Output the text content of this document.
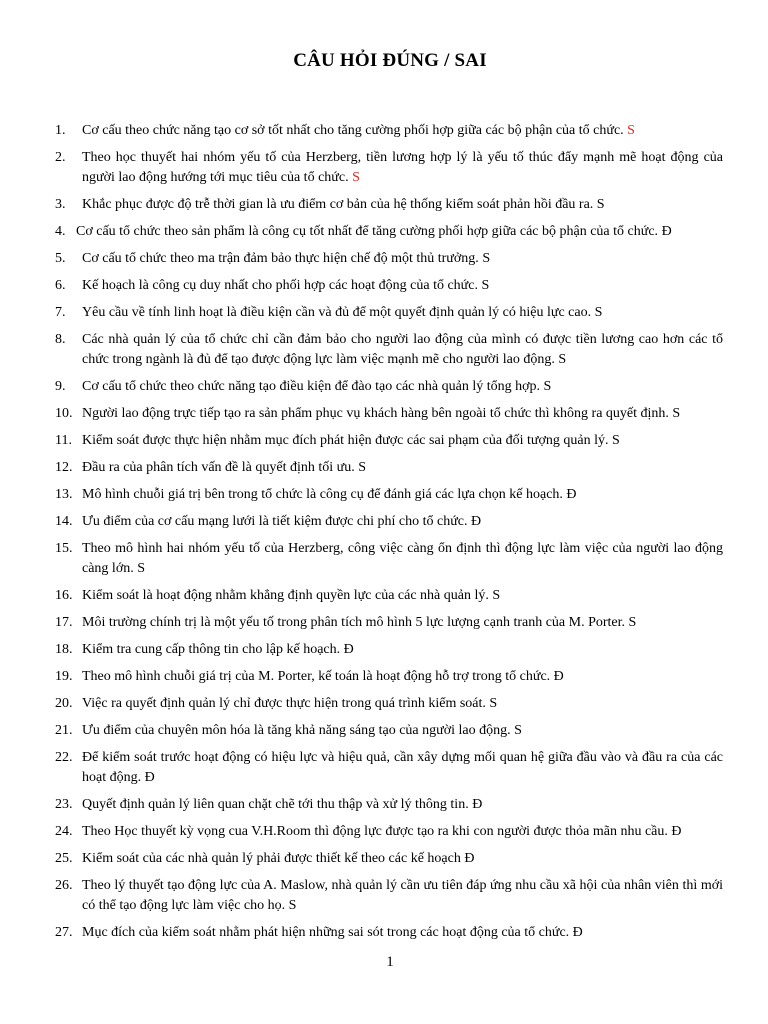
CÂU HỎI ĐÚNG / SAI
1. Cơ cấu theo chức năng tạo cơ sở tốt nhất cho tăng cường phối hợp giữa các bộ phận của tổ chức. S
2. Theo học thuyết hai nhóm yếu tố của Herzberg, tiền lương hợp lý là yếu tố thúc đẩy mạnh mẽ hoạt động của người lao động hướng tới mục tiêu của tổ chức. S
3. Khắc phục được độ trễ thời gian là ưu điểm cơ bản của hệ thống kiểm soát phản hồi đầu ra. S
4. Cơ cấu tổ chức theo sản phẩm là công cụ tốt nhất để tăng cường phối hợp giữa các bộ phận của tổ chức. Đ
5. Cơ cấu tổ chức theo ma trận đảm bảo thực hiện chế độ một thủ trưởng. S
6. Kế hoạch là công cụ duy nhất cho phối hợp các hoạt động của tổ chức. S
7. Yêu cầu về tính linh hoạt là điều kiện cần và đủ để một quyết định quản lý có hiệu lực cao. S
8. Các nhà quản lý của tổ chức chỉ cần đảm bảo cho người lao động của mình có được tiền lương cao hơn các tổ chức trong ngành là đủ để tạo được động lực làm việc mạnh mẽ cho người lao động. S
9. Cơ cấu tổ chức theo chức năng tạo điều kiện để đào tạo các nhà quản lý tổng hợp. S
10. Người lao động trực tiếp tạo ra sản phẩm phục vụ khách hàng bên ngoài tổ chức thì không ra quyết định. S
11. Kiểm soát được thực hiện nhằm mục đích phát hiện được các sai phạm của đối tượng quản lý. S
12. Đầu ra của phân tích vấn đề là quyết định tối ưu. S
13. Mô hình chuỗi giá trị bên trong tổ chức là công cụ để đánh giá các lựa chọn kế hoạch. Đ
14. Ưu điểm của cơ cấu mạng lưới là tiết kiệm được chi phí cho tổ chức. Đ
15. Theo mô hình hai nhóm yếu tố của Herzberg, công việc càng ổn định thì động lực làm việc của người lao động càng lớn. S
16. Kiểm soát là hoạt động nhằm khẳng định quyền lực của các nhà quản lý. S
17. Môi trường chính trị là một yếu tố trong phân tích mô hình 5 lực lượng cạnh tranh của M. Porter. S
18. Kiểm tra cung cấp thông tin cho lập kế hoạch. Đ
19. Theo mô hình chuỗi giá trị của M. Porter, kế toán là hoạt động hỗ trợ trong tổ chức. Đ
20. Việc ra quyết định quản lý chỉ được thực hiện trong quá trình kiểm soát. S
21. Ưu điểm của chuyên môn hóa là tăng khả năng sáng tạo của người lao động. S
22. Để kiểm soát trước hoạt động có hiệu lực và hiệu quả, cần xây dựng mối quan hệ giữa đầu vào và đầu ra của các hoạt động. Đ
23. Quyết định quản lý liên quan chặt chẽ tới thu thập và xử lý thông tin. Đ
24. Theo Học thuyết kỳ vọng cua V.H.Room thì động lực được tạo ra khi con người được thỏa mãn nhu cầu. Đ
25. Kiểm soát của các nhà quản lý phải được thiết kế theo các kế hoạch Đ
26. Theo lý thuyết tạo động lực của A. Maslow, nhà quản lý cần ưu tiên đáp ứng nhu cầu xã hội của nhân viên thì mới có thể tạo động lực làm việc cho họ. S
27. Mục đích của kiểm soát nhằm phát hiện những sai sót trong các hoạt động của tổ chức. Đ
1
